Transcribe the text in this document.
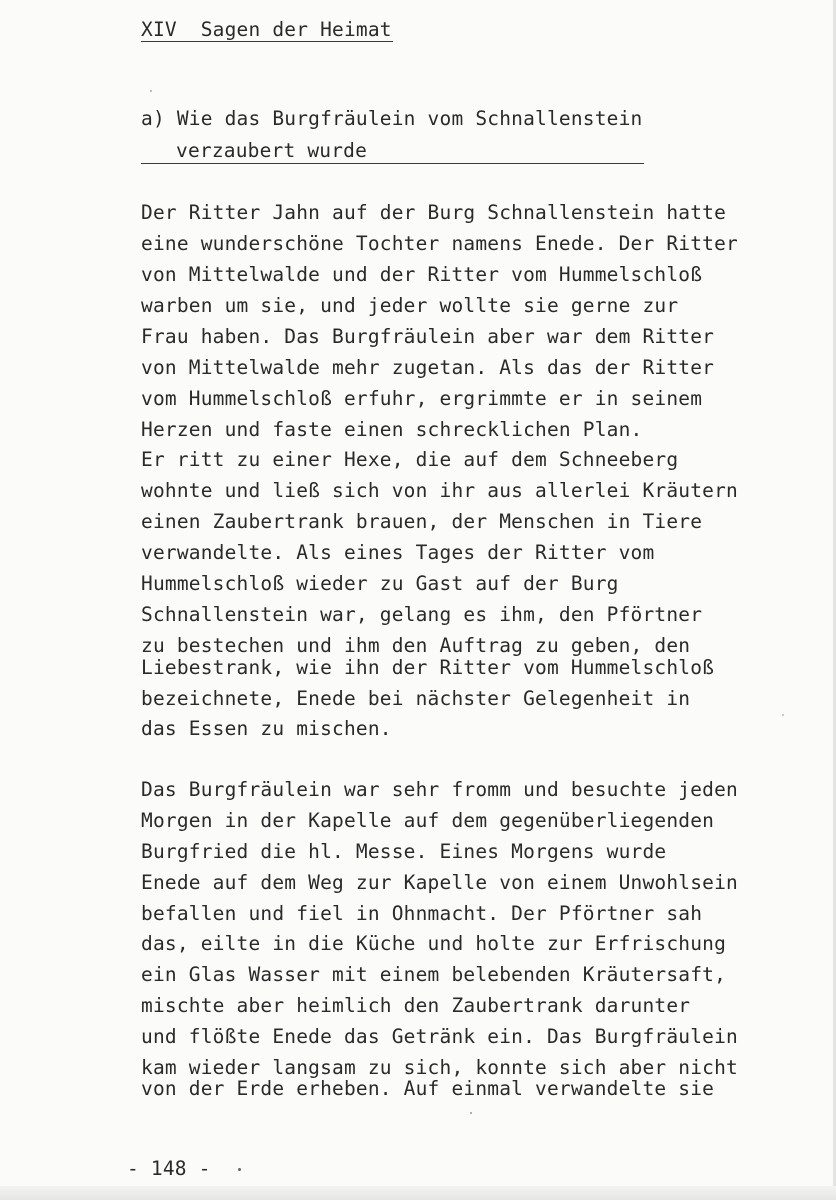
XIV  Sagen der Heimat
a) Wie das Burgfräulein vom Schnallenstein
verzaubert wurde
Der Ritter Jahn auf der Burg Schnallenstein hatte
eine wunderschöne Tochter namens Enede. Der Ritter
von Mittelwalde und der Ritter vom Hummelschloß
warben um sie, und jeder wollte sie gerne zur
Frau haben. Das Burgfräulein aber war dem Ritter
von Mittelwalde mehr zugetan. Als das der Ritter
vom Hummelschloß erfuhr, ergrimmte er in seinem
Herzen und faste einen schrecklichen Plan.
Er ritt zu einer Hexe, die auf dem Schneeberg
wohnte und ließ sich von ihr aus allerlei Kräutern
einen Zaubertrank brauen, der Menschen in Tiere
verwandelte. Als eines Tages der Ritter vom
Hummelschloß wieder zu Gast auf der Burg
Schnallenstein war, gelang es ihm, den Pförtner
zu bestechen und ihm den Auftrag zu geben, den
Liebestrank, wie ihn der Ritter vom Hummelschloß
bezeichnete, Enede bei nächster Gelegenheit in
das Essen zu mischen.
Das Burgfräulein war sehr fromm und besuchte jeden
Morgen in der Kapelle auf dem gegenüberliegenden
Burgfried die hl. Messe. Eines Morgens wurde
Enede auf dem Weg zur Kapelle von einem Unwohlsein
befallen und fiel in Ohnmacht. Der Pförtner sah
das, eilte in die Küche und holte zur Erfrischung
ein Glas Wasser mit einem belebenden Kräutersaft,
mischte aber heimlich den Zaubertrank darunter
und flößte Enede das Getränk ein. Das Burgfräulein
kam wieder langsam zu sich, konnte sich aber nicht
von der Erde erheben. Auf einmal verwandelte sie
- 148 -
